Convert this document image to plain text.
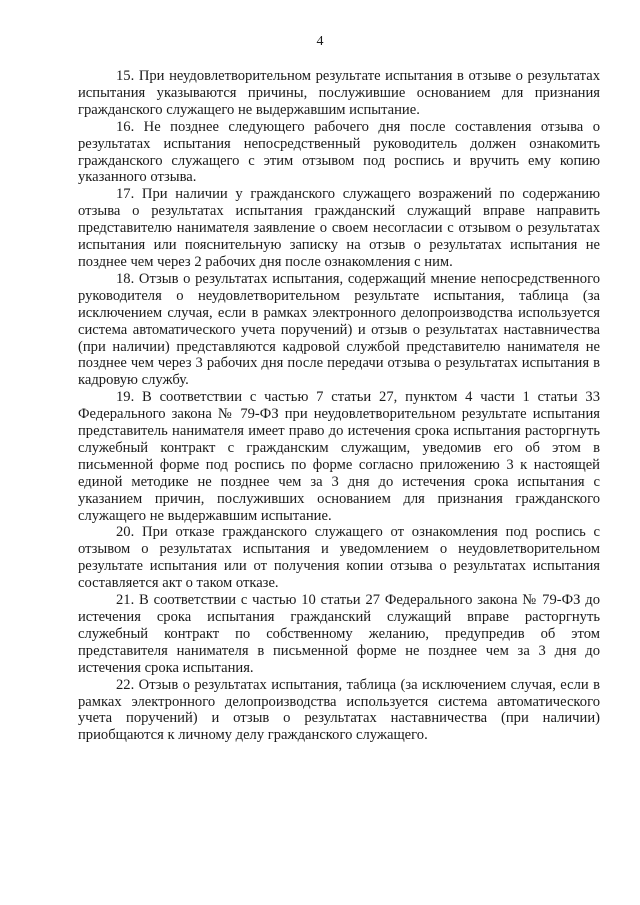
4

15. При неудовлетворительном результате испытания в отзыве о результатах испытания указываются причины, послужившие основанием для признания гражданского служащего не выдержавшим испытание.

16. Не позднее следующего рабочего дня после составления отзыва о результатах испытания непосредственный руководитель должен ознакомить гражданского служащего с этим отзывом под роспись и вручить ему копию указанного отзыва.

17. При наличии у гражданского служащего возражений по содержанию отзыва о результатах испытания гражданский служащий вправе направить представителю нанимателя заявление о своем несогласии с отзывом о результатах испытания или пояснительную записку на отзыв о результатах испытания не позднее чем через 2 рабочих дня после ознакомления с ним.

18. Отзыв о результатах испытания, содержащий мнение непосредственного руководителя о неудовлетворительном результате испытания, таблица (за исключением случая, если в рамках электронного делопроизводства используется система автоматического учета поручений) и отзыв о результатах наставничества (при наличии) представляются кадровой службой представителю нанимателя не позднее чем через 3 рабочих дня после передачи отзыва о результатах испытания в кадровую службу.

19. В соответствии с частью 7 статьи 27, пунктом 4 части 1 статьи 33 Федерального закона № 79-ФЗ при неудовлетворительном результате испытания представитель нанимателя имеет право до истечения срока испытания расторгнуть служебный контракт с гражданским служащим, уведомив его об этом в письменной форме под роспись по форме согласно приложению 3 к настоящей единой методике не позднее чем за 3 дня до истечения срока испытания с указанием причин, послуживших основанием для признания гражданского служащего не выдержавшим испытание.

20. При отказе гражданского служащего от ознакомления под роспись с отзывом о результатах испытания и уведомлением о неудовлетворительном результате испытания или от получения копии отзыва о результатах испытания составляется акт о таком отказе.

21. В соответствии с частью 10 статьи 27 Федерального закона № 79-ФЗ до истечения срока испытания гражданский служащий вправе расторгнуть служебный контракт по собственному желанию, предупредив об этом представителя нанимателя в письменной форме не позднее чем за 3 дня до истечения срока испытания.

22. Отзыв о результатах испытания, таблица (за исключением случая, если в рамках электронного делопроизводства используется система автоматического учета поручений) и отзыв о результатах наставничества (при наличии) приобщаются к личному делу гражданского служащего.
